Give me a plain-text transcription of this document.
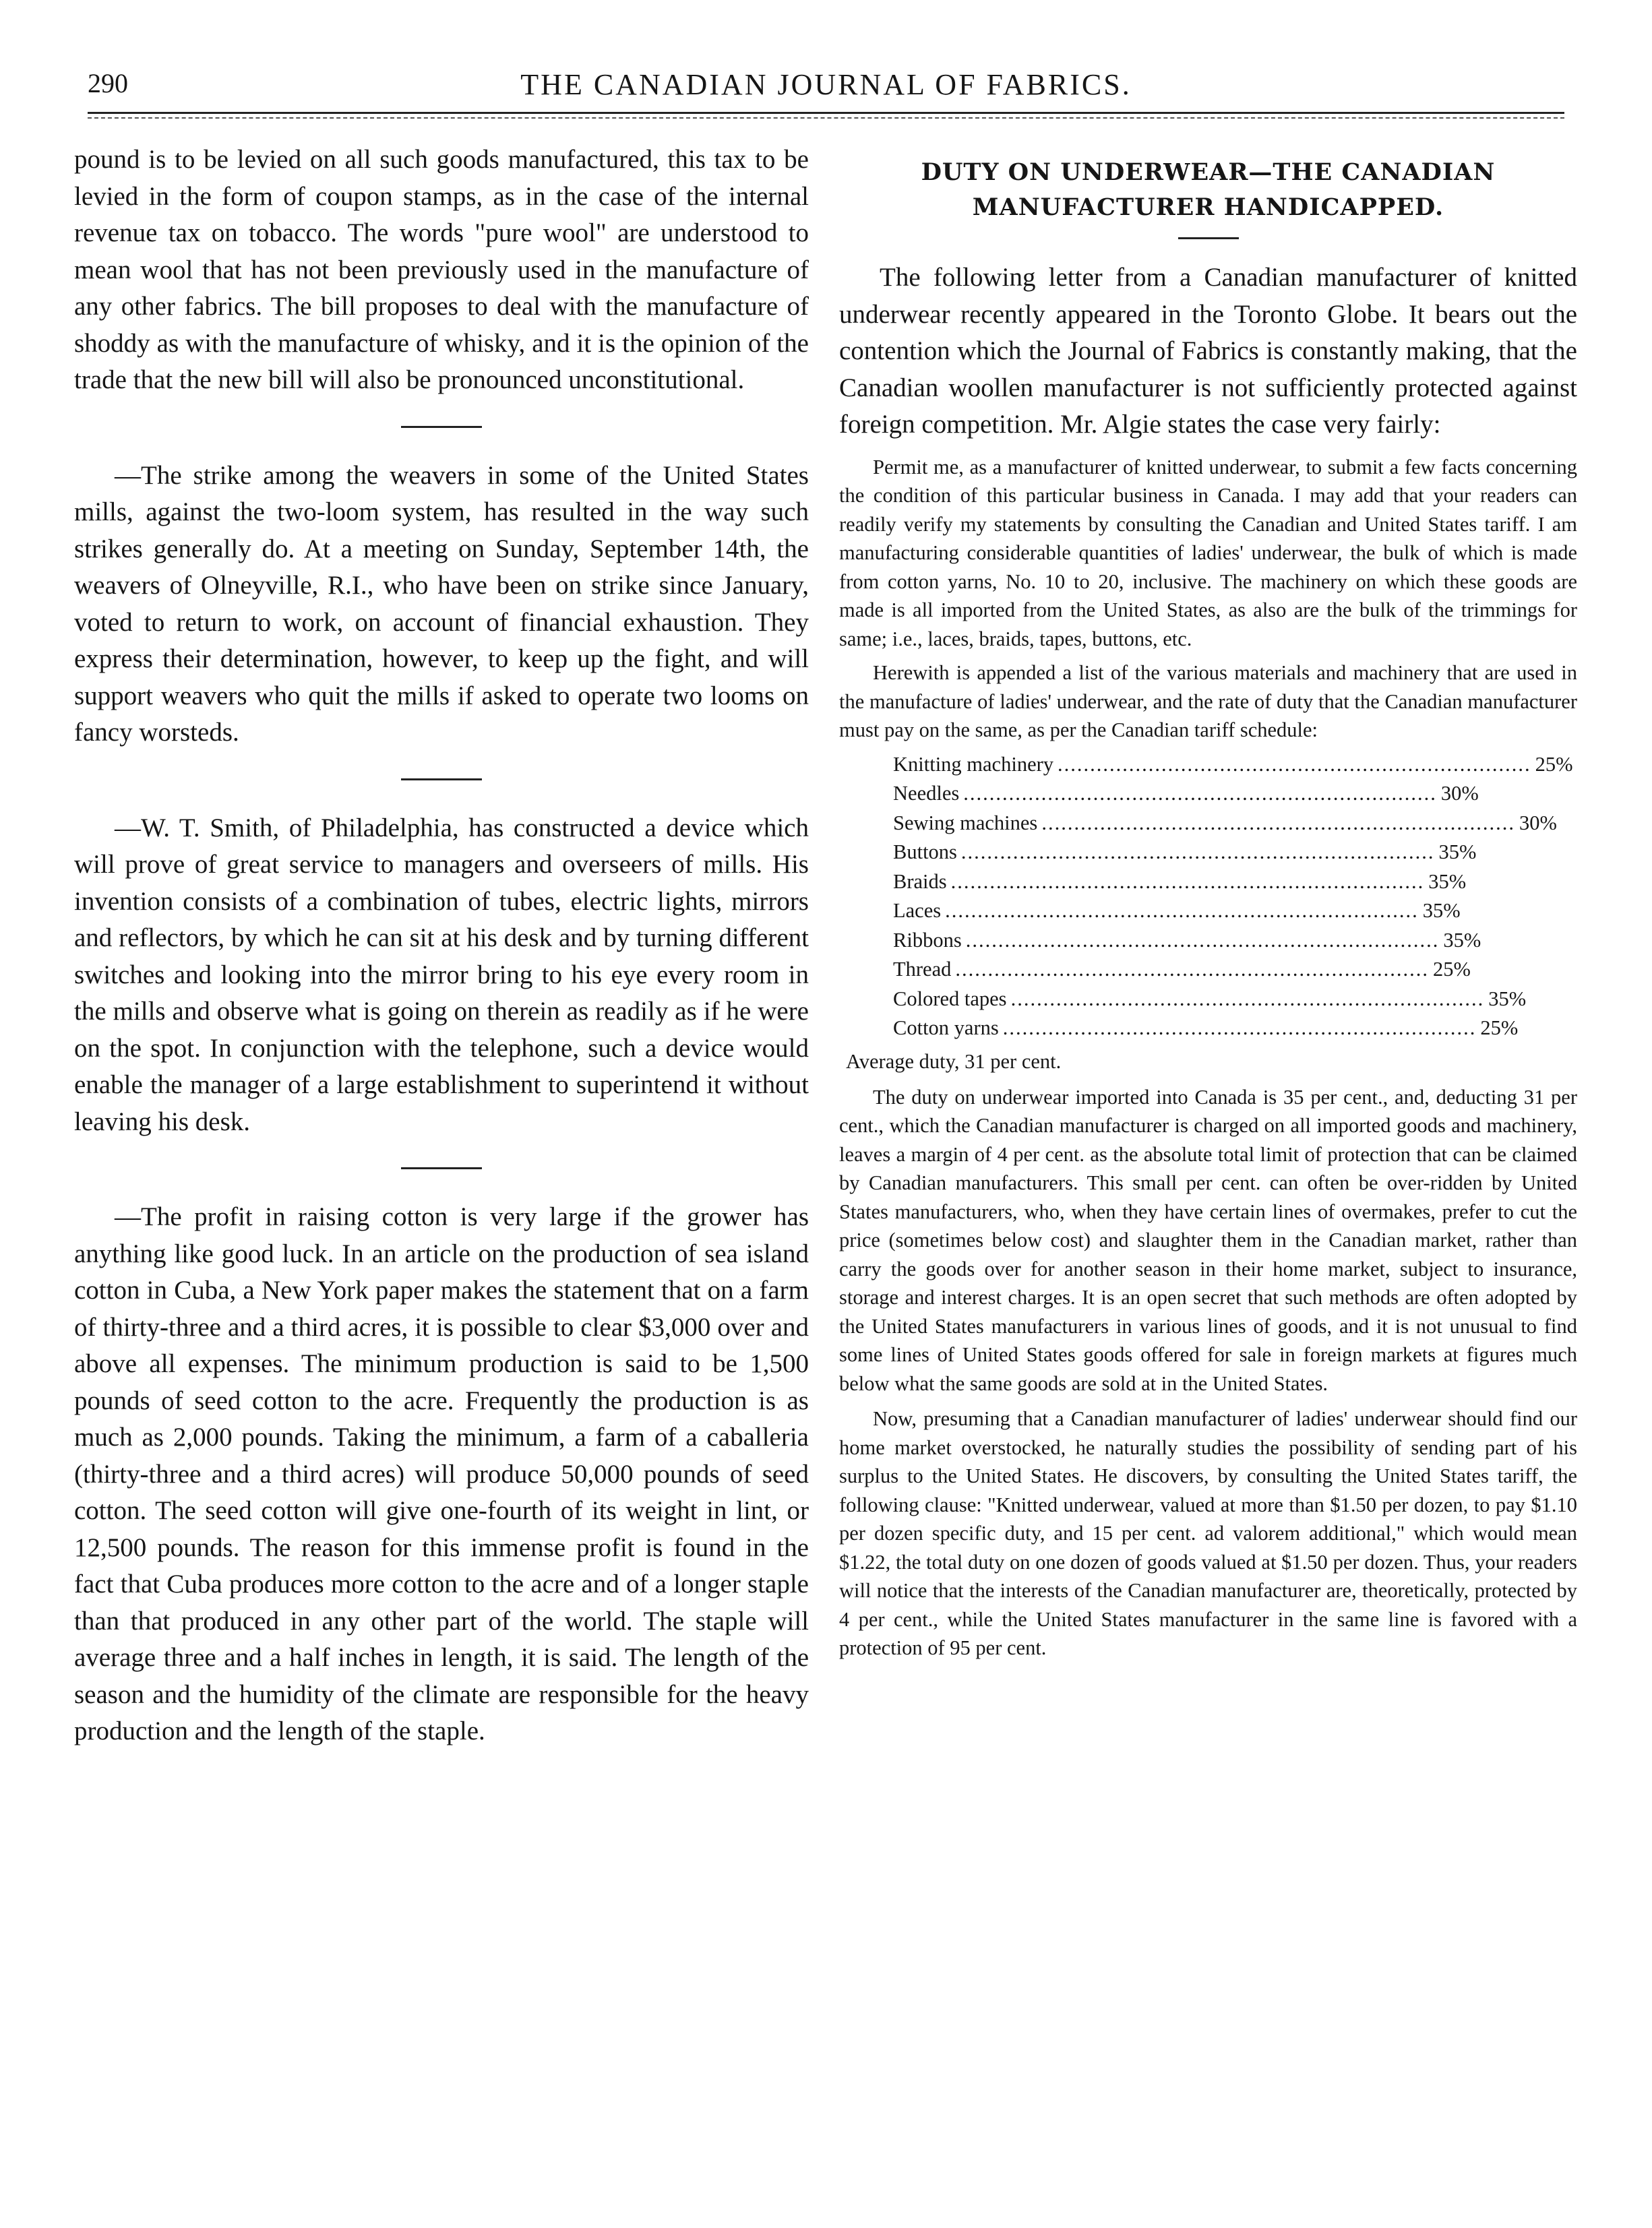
290	THE CANADIAN JOURNAL OF FABRICS.

pound is to be levied on all such goods manufactured, this tax to be levied in the form of coupon stamps, as in the case of the internal revenue tax on tobacco. The words "pure wool" are understood to mean wool that has not been previously used in the manufacture of any other fabrics. The bill proposes to deal with the manufacture of shoddy as with the manufacture of whisky, and it is the opinion of the trade that the new bill will also be pronounced unconstitutional.

—The strike among the weavers in some of the United States mills, against the two-loom system, has resulted in the way such strikes generally do. At a meeting on Sunday, September 14th, the weavers of Olneyville, R.I., who have been on strike since January, voted to return to work, on account of financial exhaustion. They express their determination, however, to keep up the fight, and will support weavers who quit the mills if asked to operate two looms on fancy worsteds.

—W. T. Smith, of Philadelphia, has constructed a device which will prove of great service to managers and overseers of mills. His invention consists of a combination of tubes, electric lights, mirrors and reflectors, by which he can sit at his desk and by turning different switches and looking into the mirror bring to his eye every room in the mills and observe what is going on therein as readily as if he were on the spot. In conjunction with the telephone, such a device would enable the manager of a large establishment to superintend it without leaving his desk.

—The profit in raising cotton is very large if the grower has anything like good luck. In an article on the production of sea island cotton in Cuba, a New York paper makes the statement that on a farm of thirty-three and a third acres, it is possible to clear $3,000 over and above all expenses. The minimum production is said to be 1,500 pounds of seed cotton to the acre. Frequently the production is as much as 2,000 pounds. Taking the minimum, a farm of a caballeria (thirty-three and a third acres) will produce 50,000 pounds of seed cotton. The seed cotton will give one-fourth of its weight in lint, or 12,500 pounds. The reason for this immense profit is found in the fact that Cuba produces more cotton to the acre and of a longer staple than that produced in any other part of the world. The staple will average three and a half inches in length, it is said. The length of the season and the humidity of the climate are responsible for the heavy production and the length of the staple.

DUTY ON UNDERWEAR—THE CANADIAN
MANUFACTURER HANDICAPPED.

The following letter from a Canadian manufacturer of knitted underwear recently appeared in the Toronto Globe. It bears out the contention which the Journal of Fabrics is constantly making, that the Canadian woollen manufacturer is not sufficiently protected against foreign competition. Mr. Algie states the case very fairly:

Permit me, as a manufacturer of knitted underwear, to submit a few facts concerning the condition of this particular business in Canada. I may add that your readers can readily verify my statements by consulting the Canadian and United States tariff. I am manufacturing considerable quantities of ladies' underwear, the bulk of which is made from cotton yarns, No. 10 to 20, inclusive. The machinery on which these goods are made is all imported from the United States, as also are the bulk of the trimmings for same; i.e., laces, braids, tapes, buttons, etc.

Herewith is appended a list of the various materials and machinery that are used in the manufacture of ladies' underwear, and the rate of duty that the Canadian manufacturer must pay on the same, as per the Canadian tariff schedule:

Knitting machinery ......................................................................... 25%
Needles ......................................................................... 30%
Sewing machines ......................................................................... 30%
Buttons ......................................................................... 35%
Braids ......................................................................... 35%
Laces ......................................................................... 35%
Ribbons ......................................................................... 35%
Thread ......................................................................... 25%
Colored tapes ......................................................................... 35%
Cotton yarns ......................................................................... 25%
Average duty, 31 per cent.

The duty on underwear imported into Canada is 35 per cent., and, deducting 31 per cent., which the Canadian manufacturer is charged on all imported goods and machinery, leaves a margin of 4 per cent. as the absolute total limit of protection that can be claimed by Canadian manufacturers. This small per cent. can often be over-ridden by United States manufacturers, who, when they have certain lines of overmakes, prefer to cut the price (sometimes below cost) and slaughter them in the Canadian market, rather than carry the goods over for another season in their home market, subject to insurance, storage and interest charges. It is an open secret that such methods are often adopted by the United States manufacturers in various lines of goods, and it is not unusual to find some lines of United States goods offered for sale in foreign markets at figures much below what the same goods are sold at in the United States.

Now, presuming that a Canadian manufacturer of ladies' underwear should find our home market overstocked, he naturally studies the possibility of sending part of his surplus to the United States. He discovers, by consulting the United States tariff, the following clause: "Knitted underwear, valued at more than $1.50 per dozen, to pay $1.10 per dozen specific duty, and 15 per cent. ad valorem additional," which would mean $1.22, the total duty on one dozen of goods valued at $1.50 per dozen. Thus, your readers will notice that the interests of the Canadian manufacturer are, theoretically, protected by 4 per cent., while the United States manufacturer in the same line is favored with a protection of 95 per cent.
